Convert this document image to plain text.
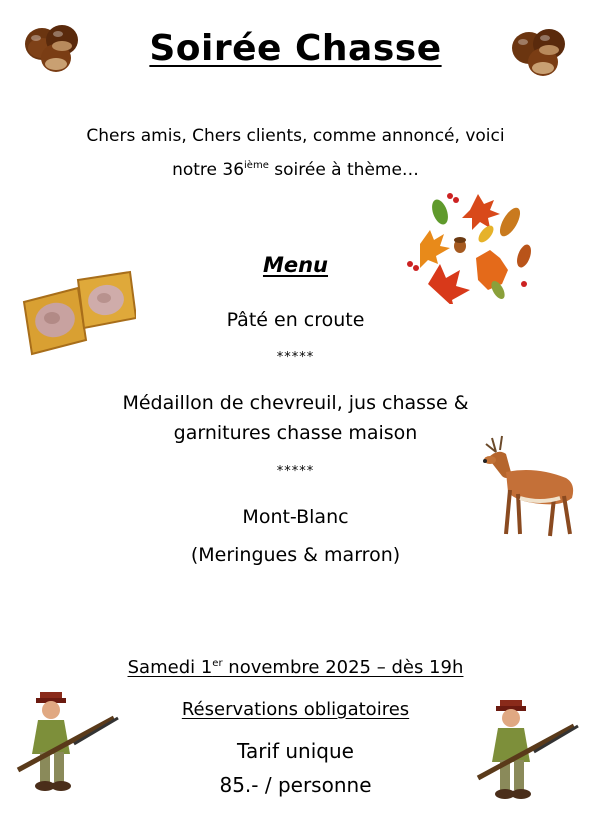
Soirée Chasse
Chers amis, Chers clients, comme annoncé, voici
notre 36ième soirée à thème…
Menu
Pâté en croute
*****
Médaillon de chevreuil, jus chasse &
garnitures chasse maison
*****
Mont-Blanc
(Meringues & marron)
Samedi 1er novembre 2025 – dès 19h
Réservations obligatoires
Tarif unique
85.- / personne
